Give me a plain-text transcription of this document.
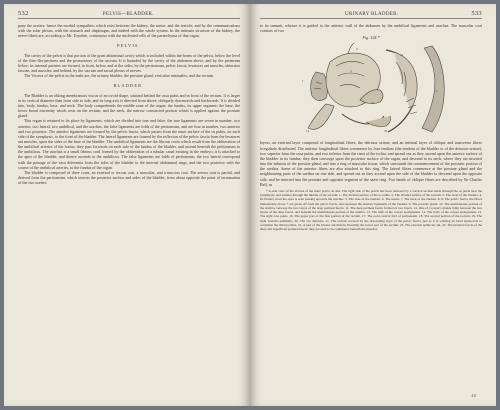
532	PELVIS—BLADDER.

pany the ureters: hence the morbid sympathies which exist between the kidney, the ureter, and the testicle; and by the communications with the solar plexus, with the stomach and diaphragm, and indeed with the whole system. In the intimate structure of the kidney, the nerve-fibres are, according to Mr. Toynbee, continuous with the nucleated cells of the parenchyma of that organ.

PELVIS.

The cavity of the pelvis is that portion of the great abdominal cavity which is included within the bones of the pelvis, below the level of the ilieo-ilio-pectinea and the promontory of the sacrum. It is bounded by the cavity of the abdomen above, and by the perineum below; its internal parietes are formed, in front, below, and at the sides, by the peritoneum, pelvic fascia, levatores ani muscles, obturator fasciae, and muscles; and behind, by the sacrum and sacral plexus of nerves.

The Viscera of the pelvis in the male are, the urinary bladder, the prostate gland, vesiculae seminales, and the rectum.

BLADDER.

The Bladder is an oblong membranous viscus of an ovoid shape, situated behind the ossa pubis and in front of the rectum. It is larger in its vertical diameter than from side to side; and its long axis is directed from above, obliquely downwards and backwards. It is divided into, body, fundus, base, and neck. The body comprehends the middle zone of the organ; the fundus, its upper segment; the base, the lower broad extremity which rests on the rectum; and the neck, the narrow constricted portion which is applied against the prostate gland.

This organ is retained in its place by ligaments, which are divided into true and false; the true ligaments are seven in number, two anterior, two lateral, two umbilical, and the urachus; the false ligaments are folds of the peritoneum, and are four in number, two anterior and two posterior. The anterior ligaments are formed by the pelvic fascia, which passes from the inner surface of the os pubis, on each side of the symphysis, to the front of the bladder. The lateral ligaments are formed by the reflexion of the pelvic fascia from the levatores ani muscles, upon the sides of the base of the bladder. The umbilical ligaments are the fibrous cords which result from the obliteration of the umbilical arteries of the foetus; they pass forwards on each side of the fundus of the bladder, and ascend beneath the peritoneum to the umbilicus. The urachus is a small fibrous cord formed by the obliteration of a tubular canal existing in the embryo; it is attached to the apex of the bladder, and thence ascends to the umbilicus. The false ligaments are folds of peritoneum; the two lateral correspond with the passage of the vasa deferentia from the sides of the bladder to the internal abdominal rings, and the two posterior with the course of the umbilical arteries, to the fundus of the organ.

The bladder is composed of three coats, an external or serous coat, a muscular, and a mucous coat. The serous coat is partial, and derived from the peritoneum, which invests the posterior surface and sides of the bladder, from about opposite the point of termination of the two ureters

URINARY BLADDER.	533

to its summit, whence it is guided to the anterior wall of the abdomen by the umbilical ligaments and urachus. The muscular coat consists of two

Fig. 324.*
1
3
4
9
16
2
14	23

layers, an external layer composed of longitudinal fibres, the detrusor urinae; and an internal layer of oblique and transverse fibres irregularly distributed. The anterior longitudinal fibres commence by four tendons (the tendons of the bladder or of the detrusor urinae), two superior from the ossa pubis, and two inferior from the rami of the ischia, and spread out as they ascend upon the anterior surface of the bladder to its fundus; they then converge upon the posterior surface of the organ, and descend to its neck, where they are inserted into the isthmus of the prostate gland, and into a ring of muscular tissue, which surrounds the commencement of the prostatic portion of the urethra. Some of the anterior fibres are also attached to this ring. The lateral fibres commence at the prostate gland and the neighbouring parts of the urethra on one side, and spread out as they ascend upon the side of the bladder to descend upon the opposite side, and be inserted into the prostate and opposite segment of the same ring. Two bands of oblique fibres are described by Sir Charles Bell, as

* A side view of the viscera of the male pelvis, in situ. The right side of the pelvis has been removed by a vertical section made through the os pubis near the symphysis; and another through the middle of the sacrum. 1. The divided surface of the os pubis. 2. The divided surface of the sacrum. 3. The body of the bladder. 4. Its fundus; from the apex is seen passing upwards the urachus. 5. The base of the bladder. 6. The ureter. 7. The neck of the bladder. 8, 8. The pelvic fascia; the fibres immediately above 7 are given off from the pelvic fascia, and represent the anterior ligaments of the bladder. 9. The prostate gland. 10. The membranous portion of the urethra, between the two layers of the deep perineal fascia. 11. The deep perineal fascia formed of two layers. 12. One of Cowper's glands lying between the two layers of the deep fascia, and beneath the membranous portion of the urethra. 13. The bulb of the corpus spongiosum. 14. The body of the corpus spongiosum. 15. The right crus penis. 16. The upper part of the first portion of the rectum. 17. The recto-vesical fold of peritoneum. 18. The second portion of the rectum. 19. The right vesicula seminalis. 20. The vas deferens. 21. The rectum covered by the descending layer of the pelvic fascia, just as it is winding its bend backwards to constitute the third portion. 22. A part of the levator ani muscle investing the lower part of the rectum. 23. The external sphincter ani. 24. The inverted fascia of the deep and superficial perineal fascia: they are seen to be continuous beneath the muscles.

4 0
